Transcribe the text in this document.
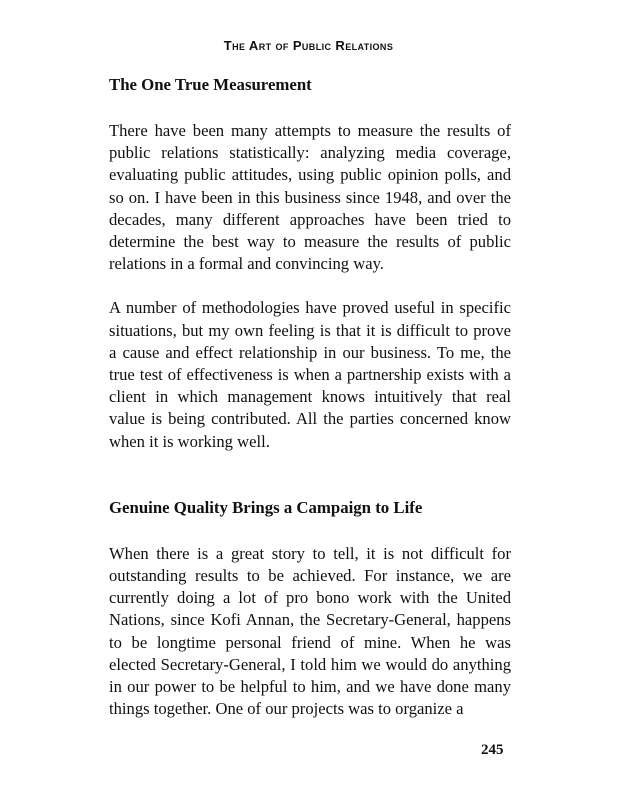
The Art of Public Relations
The One True Measurement

There have been many attempts to measure the results of public relations statistically: analyzing media coverage, evaluating public attitudes, using public opinion polls, and so on. I have been in this business since 1948, and over the decades, many different approaches have been tried to determine the best way to measure the results of public relations in a formal and convincing way.

A number of methodologies have proved useful in specific situations, but my own feeling is that it is difficult to prove a cause and effect relationship in our business. To me, the true test of effectiveness is when a partnership exists with a client in which management knows intuitively that real value is being contributed. All the parties concerned know when it is working well.

Genuine Quality Brings a Campaign to Life

When there is a great story to tell, it is not difficult for outstanding results to be achieved. For instance, we are currently doing a lot of pro bono work with the United Nations, since Kofi Annan, the Secretary-General, happens to be longtime personal friend of mine. When he was elected Secretary-General, I told him we would do anything in our power to be helpful to him, and we have done many things together. One of our projects was to organize a

245
